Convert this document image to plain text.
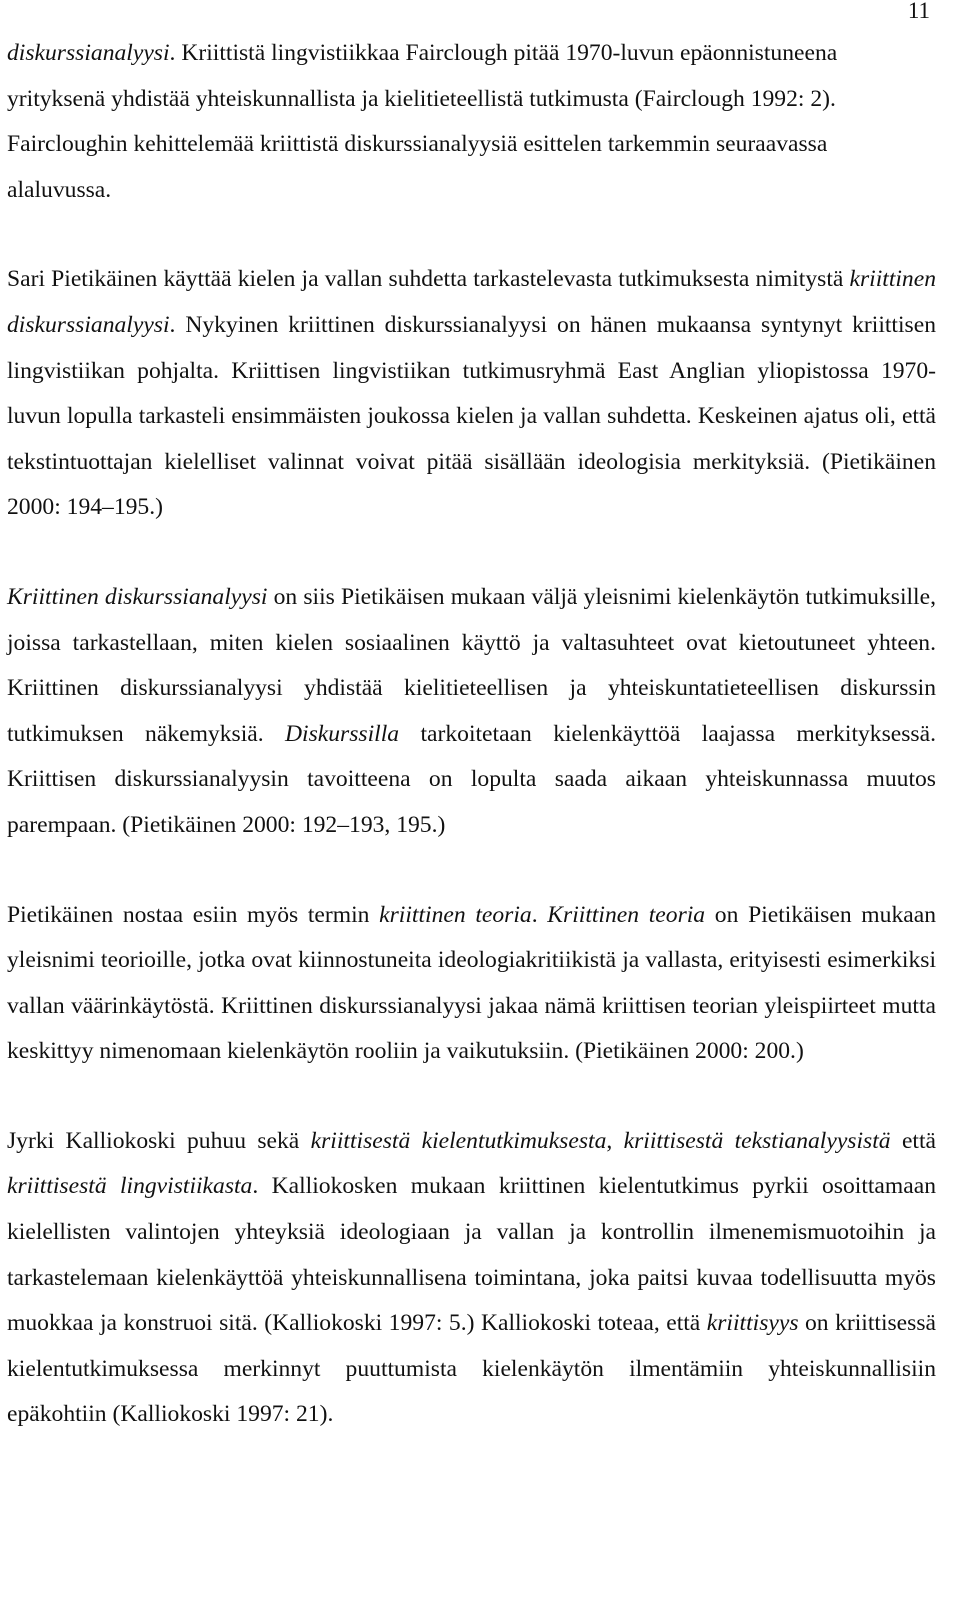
11

diskurssianalyysi. Kriittistä lingvistiikkaa Fairclough pitää 1970-luvun epäonnistuneena yrityksenä yhdistää yhteiskunnallista ja kielitieteellistä tutkimusta (Fairclough 1992: 2). Faircloughin kehittelemää kriittistä diskurssianalyysiä esittelen tarkemmin seuraavassa alaluvussa.

Sari Pietikäinen käyttää kielen ja vallan suhdetta tarkastelevasta tutkimuksesta nimitystä kriittinen diskurssianalyysi. Nykyinen kriittinen diskurssianalyysi on hänen mukaansa syntynyt kriittisen lingvistiikan pohjalta. Kriittisen lingvistiikan tutkimusryhmä East Anglian yliopistossa 1970-luvun lopulla tarkasteli ensimmäisten joukossa kielen ja vallan suhdetta. Keskeinen ajatus oli, että tekstintuottajan kielelliset valinnat voivat pitää sisällään ideologisia merkityksiä. (Pietikäinen 2000: 194–195.)

Kriittinen diskurssianalyysi on siis Pietikäisen mukaan väljä yleisnimi kielenkäytön tutkimuksille, joissa tarkastellaan, miten kielen sosiaalinen käyttö ja valtasuhteet ovat kietoutuneet yhteen. Kriittinen diskurssianalyysi yhdistää kielitieteellisen ja yhteiskuntatieteellisen diskurssin tutkimuksen näkemyksiä. Diskurssilla tarkoitetaan kielenkäyttöä laajassa merkityksessä. Kriittisen diskurssianalyysin tavoitteena on lopulta saada aikaan yhteiskunnassa muutos parempaan. (Pietikäinen 2000: 192–193, 195.)

Pietikäinen nostaa esiin myös termin kriittinen teoria. Kriittinen teoria on Pietikäisen mukaan yleisnimi teorioille, jotka ovat kiinnostuneita ideologiakritiikistä ja vallasta, erityisesti esimerkiksi vallan väärinkäytöstä. Kriittinen diskurssianalyysi jakaa nämä kriittisen teorian yleispiirteet mutta keskittyy nimenomaan kielenkäytön rooliin ja vaikutuksiin. (Pietikäinen 2000: 200.)

Jyrki Kalliokoski puhuu sekä kriittisestä kielentutkimuksesta, kriittisestä tekstianalyysistä että kriittisestä lingvistiikasta. Kalliokosken mukaan kriittinen kielentutkimus pyrkii osoittamaan kielellisten valintojen yhteyksiä ideologiaan ja vallan ja kontrollin ilmenemismuotoihin ja tarkastelemaan kielenkäyttöä yhteiskunnallisena toimintana, joka paitsi kuvaa todellisuutta myös muokkaa ja konstruoi sitä. (Kalliokoski 1997: 5.) Kalliokoski toteaa, että kriittisyys on kriittisessä kielentutkimuksessa merkinnyt puuttumista kielenkäytön ilmentämiin yhteiskunnallisiin epäkohtiin (Kalliokoski 1997: 21).
